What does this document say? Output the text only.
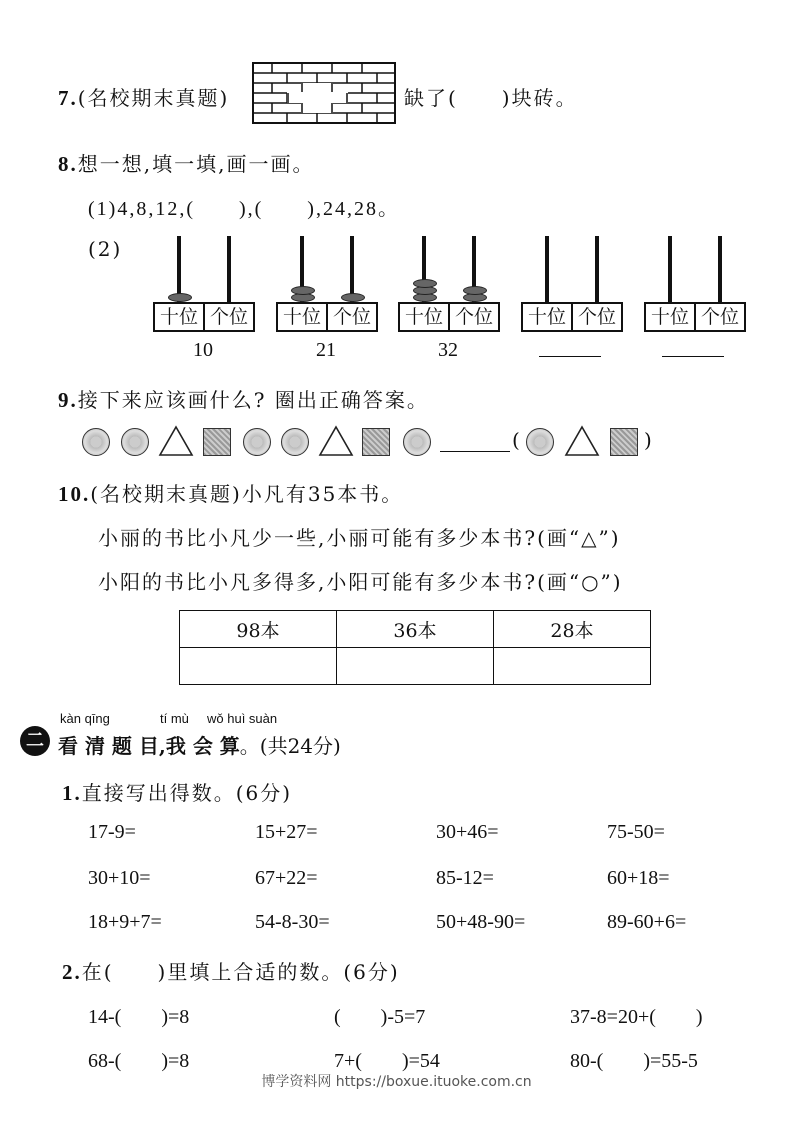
7.(名校期末真题)	缺了(　　)块砖。
8.想一想,填一填,画一画。
(1)4,8,12,(　　),(　　),24,28。
(2)
十位 个位
10
十位 个位
21
十位 个位
32
十位 个位 十位 个位
9.接下来应该画什么? 圈出正确答案。
(	)
10.(名校期末真题)小凡有35本书。
小丽的书比小凡少一些,小丽可能有多少本书?(画“△”)
小阳的书比小凡多得多,小阳可能有多少本书?(画“○”)
98本	36本	28本

二
kàn qīng	tí mù wǒ huì suàn
看 清 题 目,我 会 算。(共24分)
1.直接写出得数。(6分)
17-9=	15+27=	30+46=	75-50=
30+10=	67+22=	85-12=	60+18=
18+9+7=	54-8-30=	50+48-90=	89-60+6=
2.在(　　)里填上合适的数。(6分)
14-(　　)=8	(　　)-5=7	37-8=20+(　　)
68-(　　)=8	7+(　　)=54	80-(　　)=55-5
博学资料网 https://boxue.ituoke.com.cn
